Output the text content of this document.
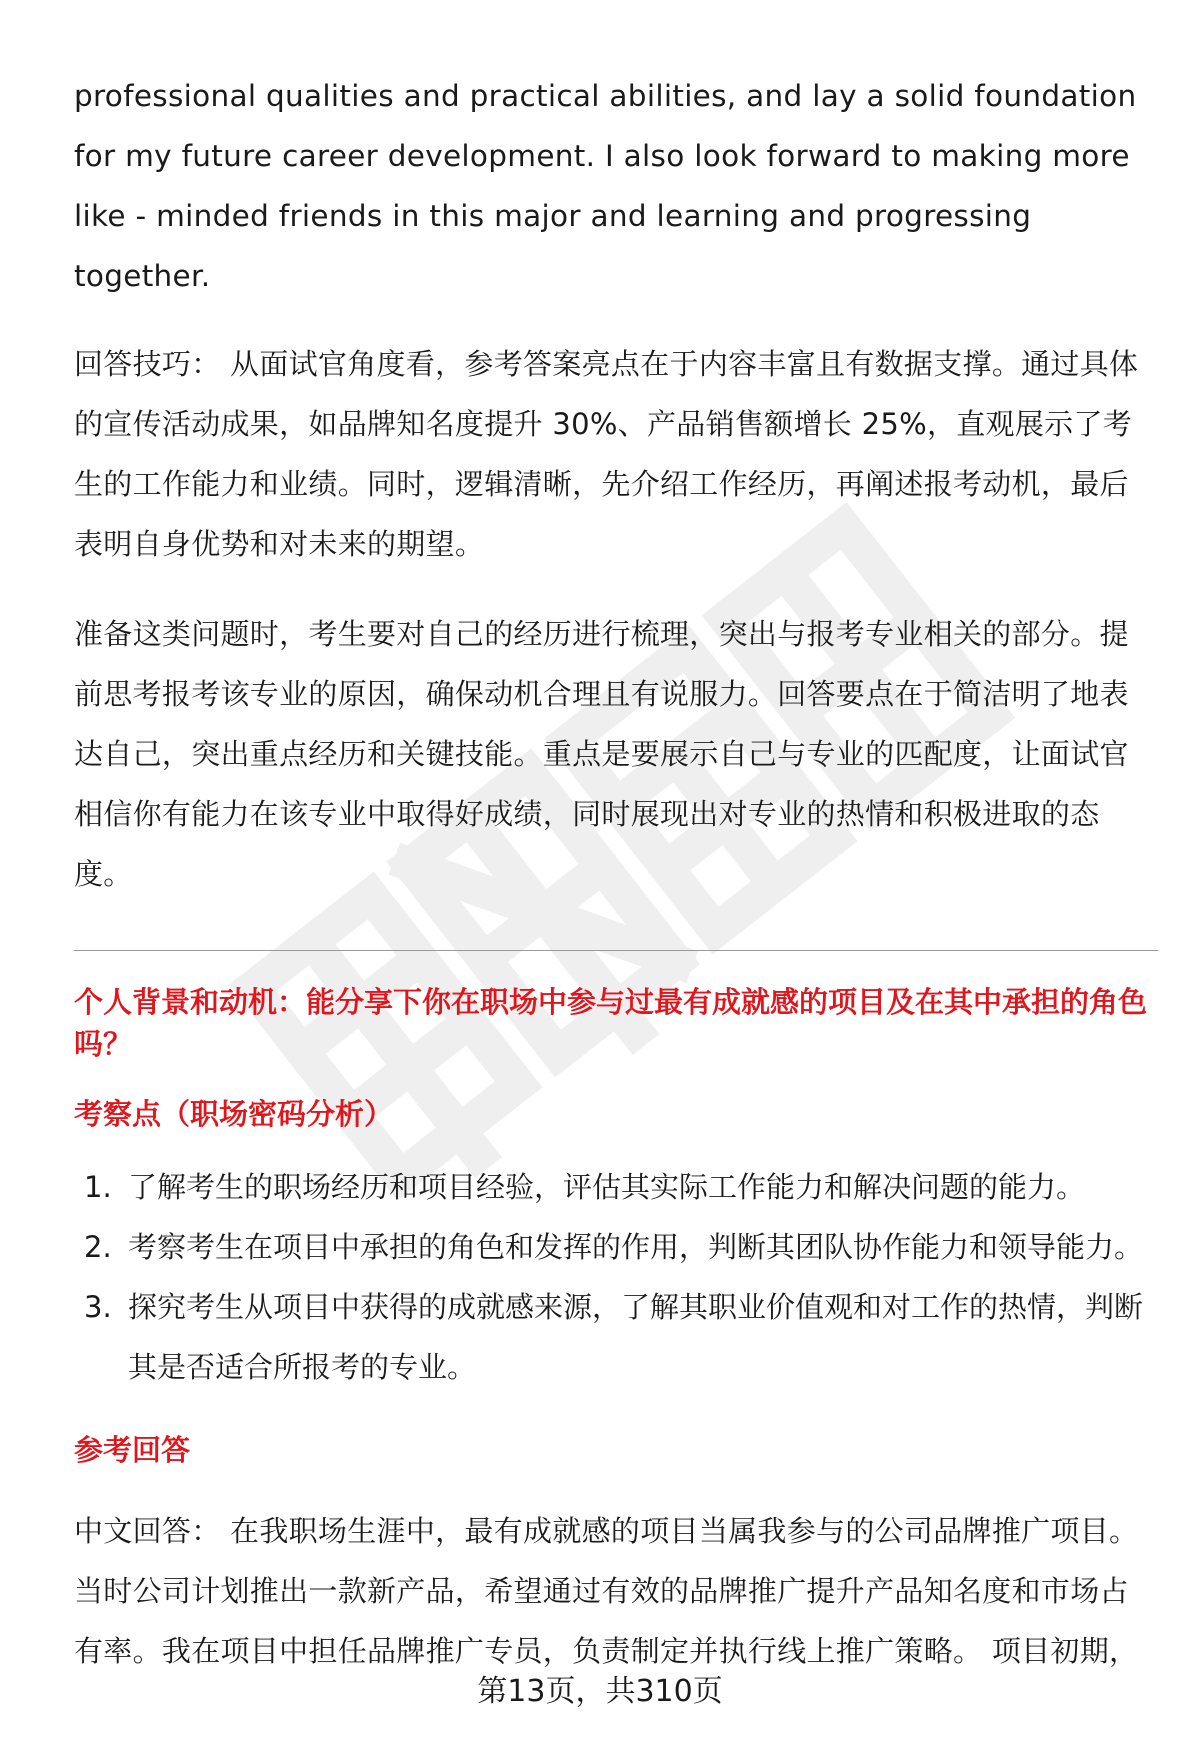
professional qualities and practical abilities, and lay a solid foundation for my future career development. I also look forward to making more like - minded friends in this major and learning and progressing together.

回答技巧： 从面试官角度看，参考答案亮点在于内容丰富且有数据支撑。通过具体的宣传活动成果，如品牌知名度提升 30%、产品销售额增长 25%，直观展示了考生的工作能力和业绩。同时，逻辑清晰，先介绍工作经历，再阐述报考动机，最后表明自身优势和对未来的期望。

准备这类问题时，考生要对自己的经历进行梳理，突出与报考专业相关的部分。提前思考报考该专业的原因，确保动机合理且有说服力。回答要点在于简洁明了地表达自己，突出重点经历和关键技能。重点是要展示自己与专业的匹配度，让面试官相信你有能力在该专业中取得好成绩，同时展现出对专业的热情和积极进取的态度。

个人背景和动机：能分享下你在职场中参与过最有成就感的项目及在其中承担的角色吗？

考察点（职场密码分析）

1. 了解考生的职场经历和项目经验，评估其实际工作能力和解决问题的能力。
2. 考察考生在项目中承担的角色和发挥的作用，判断其团队协作能力和领导能力。
3. 探究考生从项目中获得的成就感来源，了解其职业价值观和对工作的热情，判断其是否适合所报考的专业。

参考回答

中文回答： 在我职场生涯中，最有成就感的项目当属我参与的公司品牌推广项目。当时公司计划推出一款新产品，希望通过有效的品牌推广提升产品知名度和市场占有率。我在项目中担任品牌推广专员，负责制定并执行线上推广策略。 项目初期，

第13页，共310页
